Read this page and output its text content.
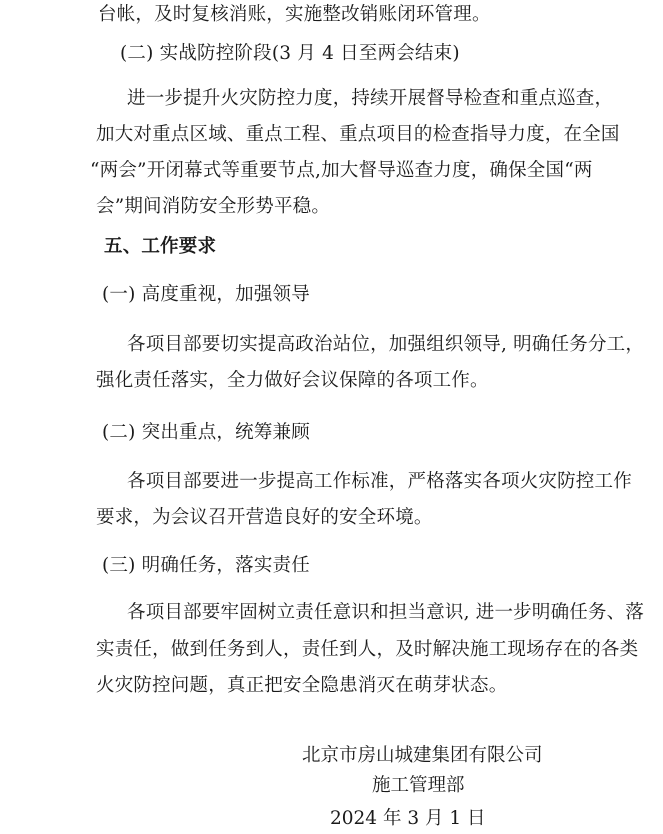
台帐，及时复核消账，实施整改销账闭环管理。
(二) 实战防控阶段(3 月 4 日至两会结束)
进一步提升火灾防控力度，持续开展督导检查和重点巡查，
加大对重点区域、重点工程、重点项目的检查指导力度，在全国
“两会”开闭幕式等重要节点,加大督导巡查力度，确保全国“两
会”期间消防安全形势平稳。
五、工作要求
(一) 高度重视，加强领导
各项目部要切实提高政治站位，加强组织领导, 明确任务分工，
强化责任落实，全力做好会议保障的各项工作。
(二) 突出重点，统筹兼顾
各项目部要进一步提高工作标准，严格落实各项火灾防控工作
要求，为会议召开营造良好的安全环境。
(三) 明确任务，落实责任
各项目部要牢固树立责任意识和担当意识, 进一步明确任务、落
实责任，做到任务到人，责任到人，及时解决施工现场存在的各类
火灾防控问题，真正把安全隐患消灭在萌芽状态。
北京市房山城建集团有限公司
施工管理部
2024 年 3 月 1 日
